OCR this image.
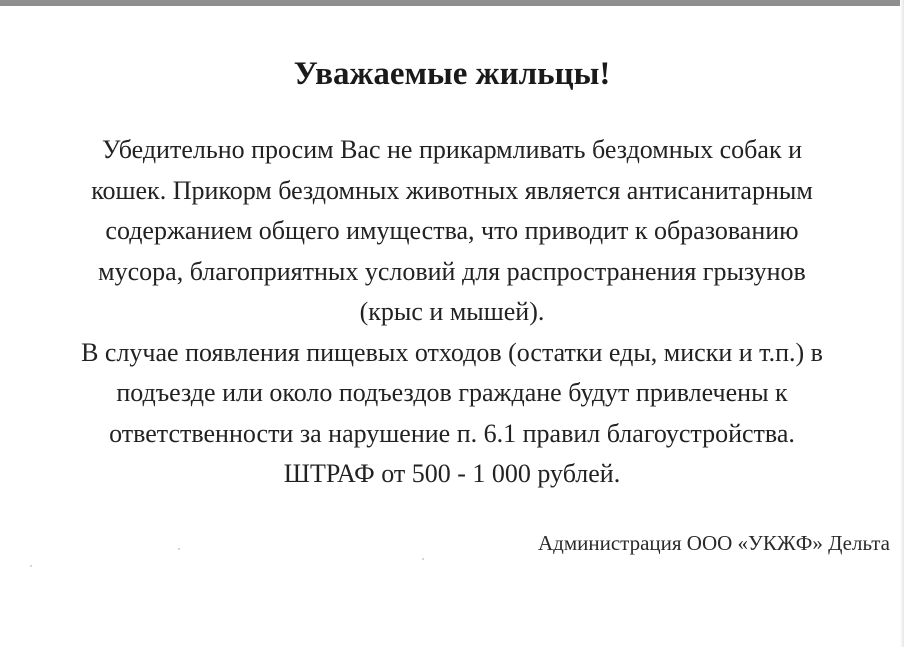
Уважаемые жильцы!
Убедительно просим Вас не прикармливать бездомных собак и
кошек. Прикорм бездомных животных является антисанитарным
содержанием общего имущества, что приводит к образованию
мусора, благоприятных условий для распространения грызунов
(крыс и мышей).
В случае появления пищевых отходов (остатки еды, миски и т.п.) в
подъезде или около подъездов граждане будут привлечены к
ответственности за нарушение п. 6.1 правил благоустройства.
ШТРАФ от 500 - 1 000 рублей.
Администрация ООО «УКЖФ» Дельта
